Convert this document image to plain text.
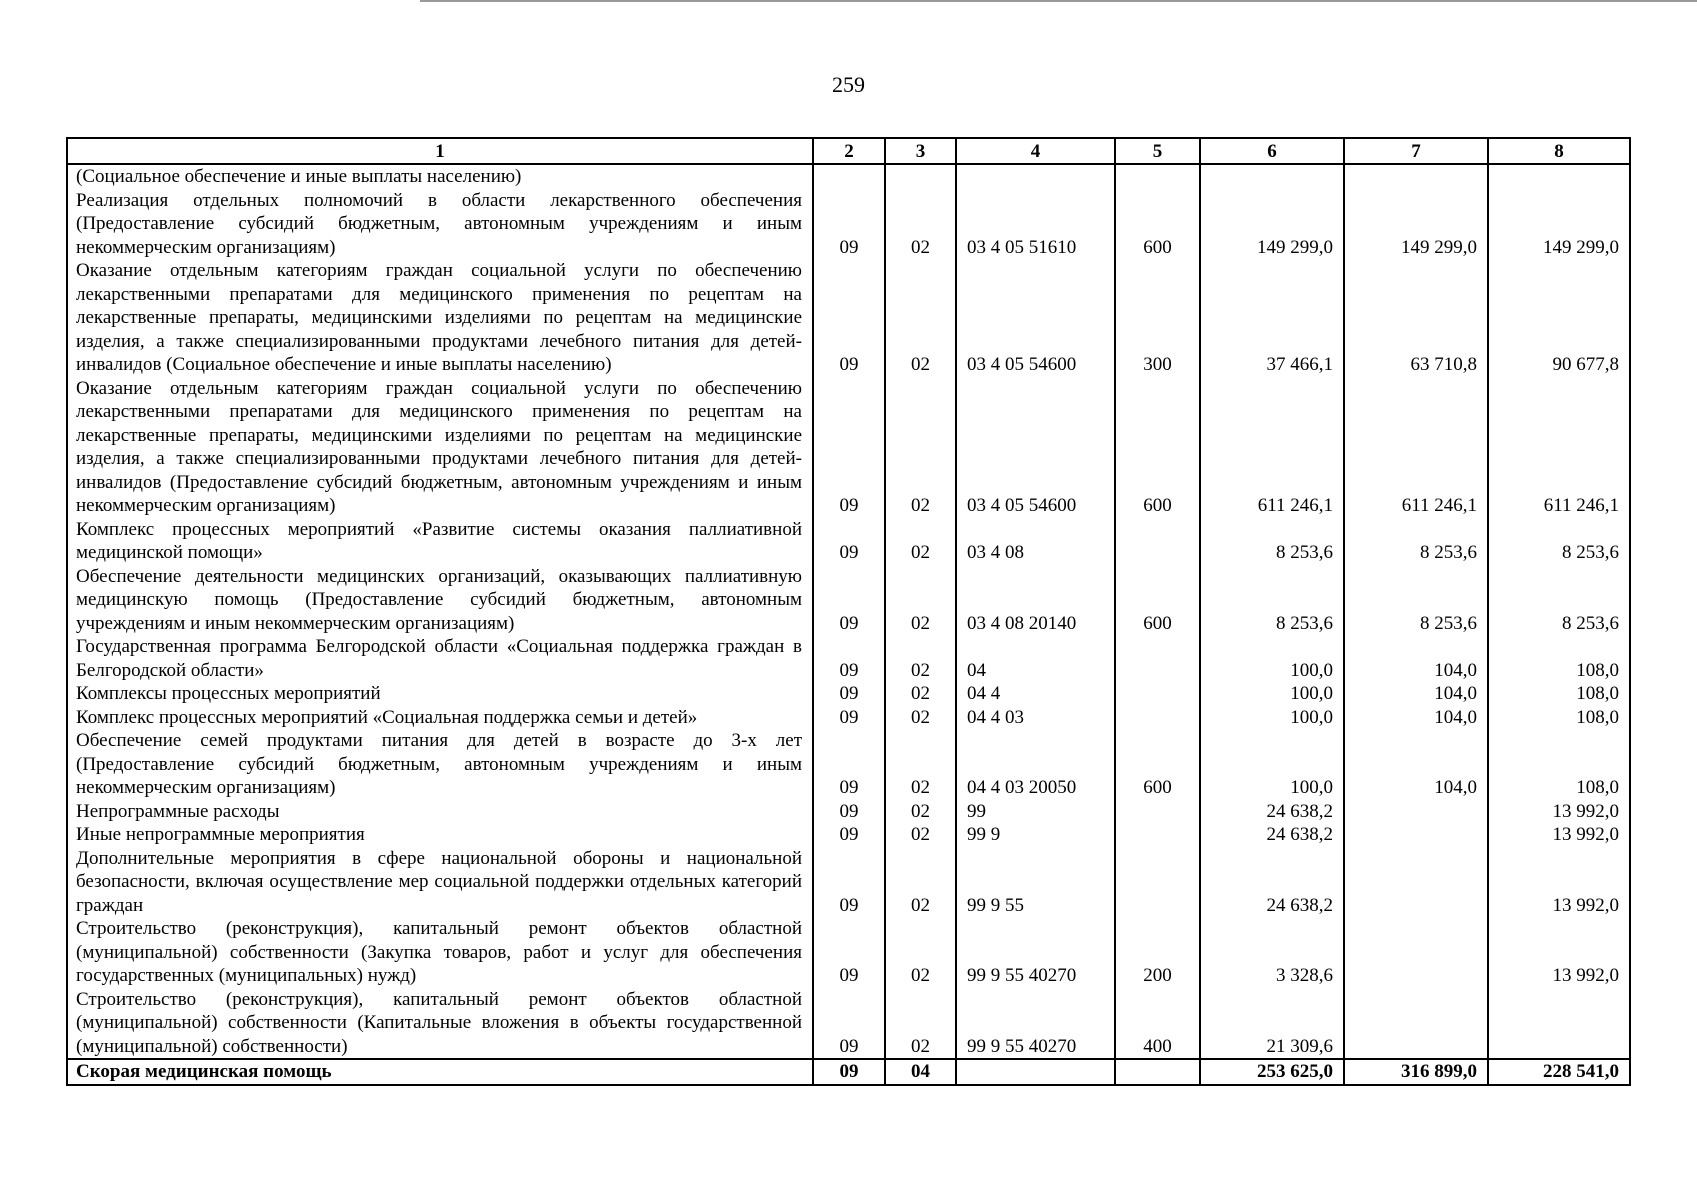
259
1	2	3	4	5	6	7	8
(Социальное обеспечение и иные выплаты населению)							
Реализация отдельных полномочий в области лекарственного обеспечения (Предоставление субсидий бюджетным, автономным учреждениям и иным некоммерческим организациям)	09	02	03 4 05 51610	600	149 299,0	149 299,0	149 299,0
Оказание отдельным категориям граждан социальной услуги по обеспечению лекарственными препаратами для медицинского применения по рецептам на лекарственные препараты, медицинскими изделиями по рецептам на медицинские изделия, а также специализированными продуктами лечебного питания для детей-инвалидов (Социальное обеспечение и иные выплаты населению)	09	02	03 4 05 54600	300	37 466,1	63 710,8	90 677,8
Оказание отдельным категориям граждан социальной услуги по обеспечению лекарственными препаратами для медицинского применения по рецептам на лекарственные препараты, медицинскими изделиями по рецептам на медицинские изделия, а также специализированными продуктами лечебного питания для детей-инвалидов (Предоставление субсидий бюджетным, автономным учреждениям и иным некоммерческим организациям)	09	02	03 4 05 54600	600	611 246,1	611 246,1	611 246,1
Комплекс процессных мероприятий «Развитие системы оказания паллиативной медицинской помощи»	09	02	03 4 08		8 253,6	8 253,6	8 253,6
Обеспечение деятельности медицинских организаций, оказывающих паллиативную медицинскую помощь (Предоставление субсидий бюджетным, автономным учреждениям и иным некоммерческим организациям)	09	02	03 4 08 20140	600	8 253,6	8 253,6	8 253,6
Государственная программа Белгородской области «Социальная поддержка граждан в Белгородской области»	09	02	04		100,0	104,0	108,0
Комплексы процессных мероприятий	09	02	04 4		100,0	104,0	108,0
Комплекс процессных мероприятий «Социальная поддержка семьи и детей»	09	02	04 4 03		100,0	104,0	108,0
Обеспечение семей продуктами питания для детей в возрасте до 3-х лет (Предоставление субсидий бюджетным, автономным учреждениям и иным некоммерческим организациям)	09	02	04 4 03 20050	600	100,0	104,0	108,0
Непрограммные расходы	09	02	99		24 638,2		13 992,0
Иные непрограммные мероприятия	09	02	99 9		24 638,2		13 992,0
Дополнительные мероприятия в сфере национальной обороны и национальной безопасности, включая осуществление мер социальной поддержки отдельных категорий граждан	09	02	99 9 55		24 638,2		13 992,0
Строительство (реконструкция), капитальный ремонт объектов областной (муниципальной) собственности (Закупка товаров, работ и услуг для обеспечения государственных (муниципальных) нужд)	09	02	99 9 55 40270	200	3 328,6		13 992,0
Строительство (реконструкция), капитальный ремонт объектов областной (муниципальной) собственности (Капитальные вложения в объекты государственной (муниципальной) собственности)	09	02	99 9 55 40270	400	21 309,6		
Скорая медицинская помощь	09	04			253 625,0	316 899,0	228 541,0
